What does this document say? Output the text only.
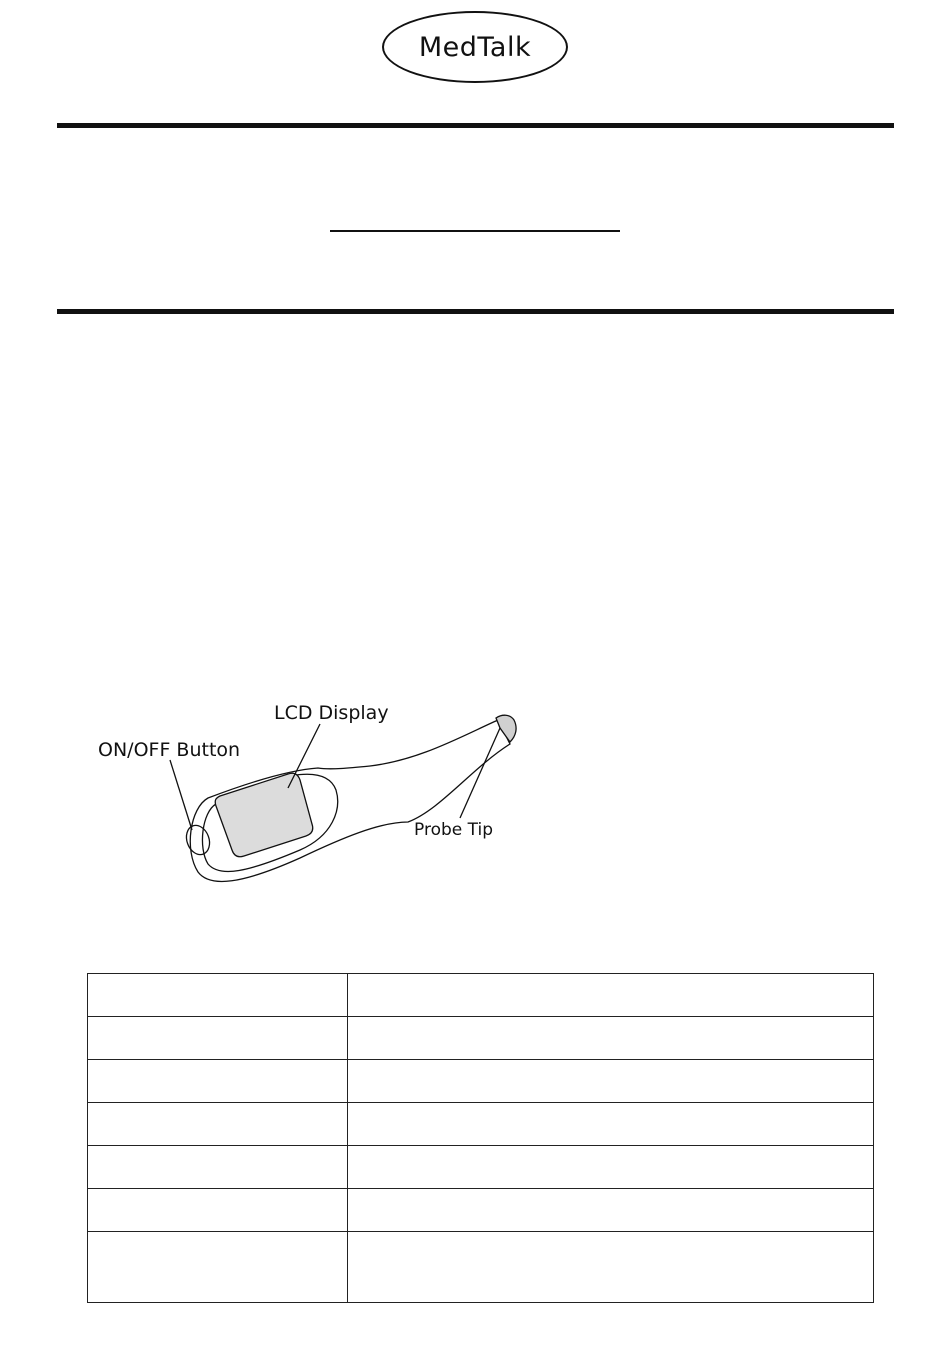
MedTalk
LCD Display
ON/OFF Button
Probe Tip
